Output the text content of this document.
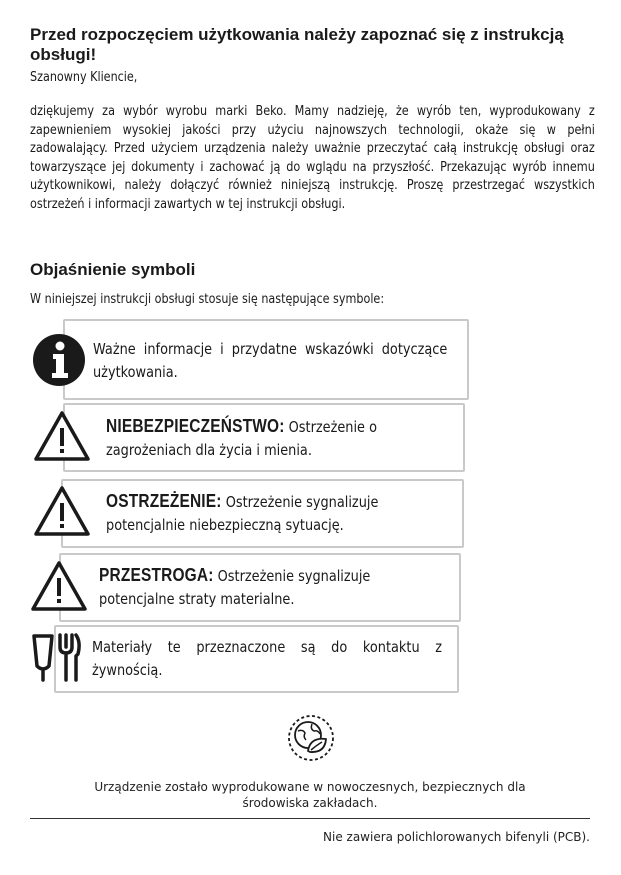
Przed rozpoczęciem użytkowania należy zapoznać się z instrukcją obsługi!
Szanowny Kliencie,
dziękujemy za wybór wyrobu marki Beko. Mamy nadzieję, że wyrób ten, wyprodukowany z zapewnieniem wysokiej jakości przy użyciu najnowszych technologii, okaże się w pełni zadowalający. Przed użyciem urządzenia należy uważnie przeczytać całą instrukcję obsługi oraz towarzyszące jej dokumenty i zachować ją do wglądu na przyszłość. Przekazując wyrób innemu użytkownikowi, należy dołączyć również niniejszą instrukcję. Proszę przestrzegać wszystkich ostrzeżeń i informacji zawartych w tej instrukcji obsługi.
Objaśnienie symboli
W niniejszej instrukcji obsługi stosuje się następujące symbole:
Ważne informacje i przydatne wskazówki dotyczące użytkowania.
NIEBEZPIECZEŃSTWO: Ostrzeżenie o zagrożeniach dla życia i mienia.
OSTRZEŻENIE: Ostrzeżenie sygnalizuje potencjalnie niebezpieczną sytuację.
PRZESTROGA: Ostrzeżenie sygnalizuje potencjalne straty materialne.
Materiały te przeznaczone są do kontaktu z żywnością.
Urządzenie zostało wyprodukowane w nowoczesnych, bezpiecznych dla środowiska zakładach.
Nie zawiera polichlorowanych bifenyli (PCB).
